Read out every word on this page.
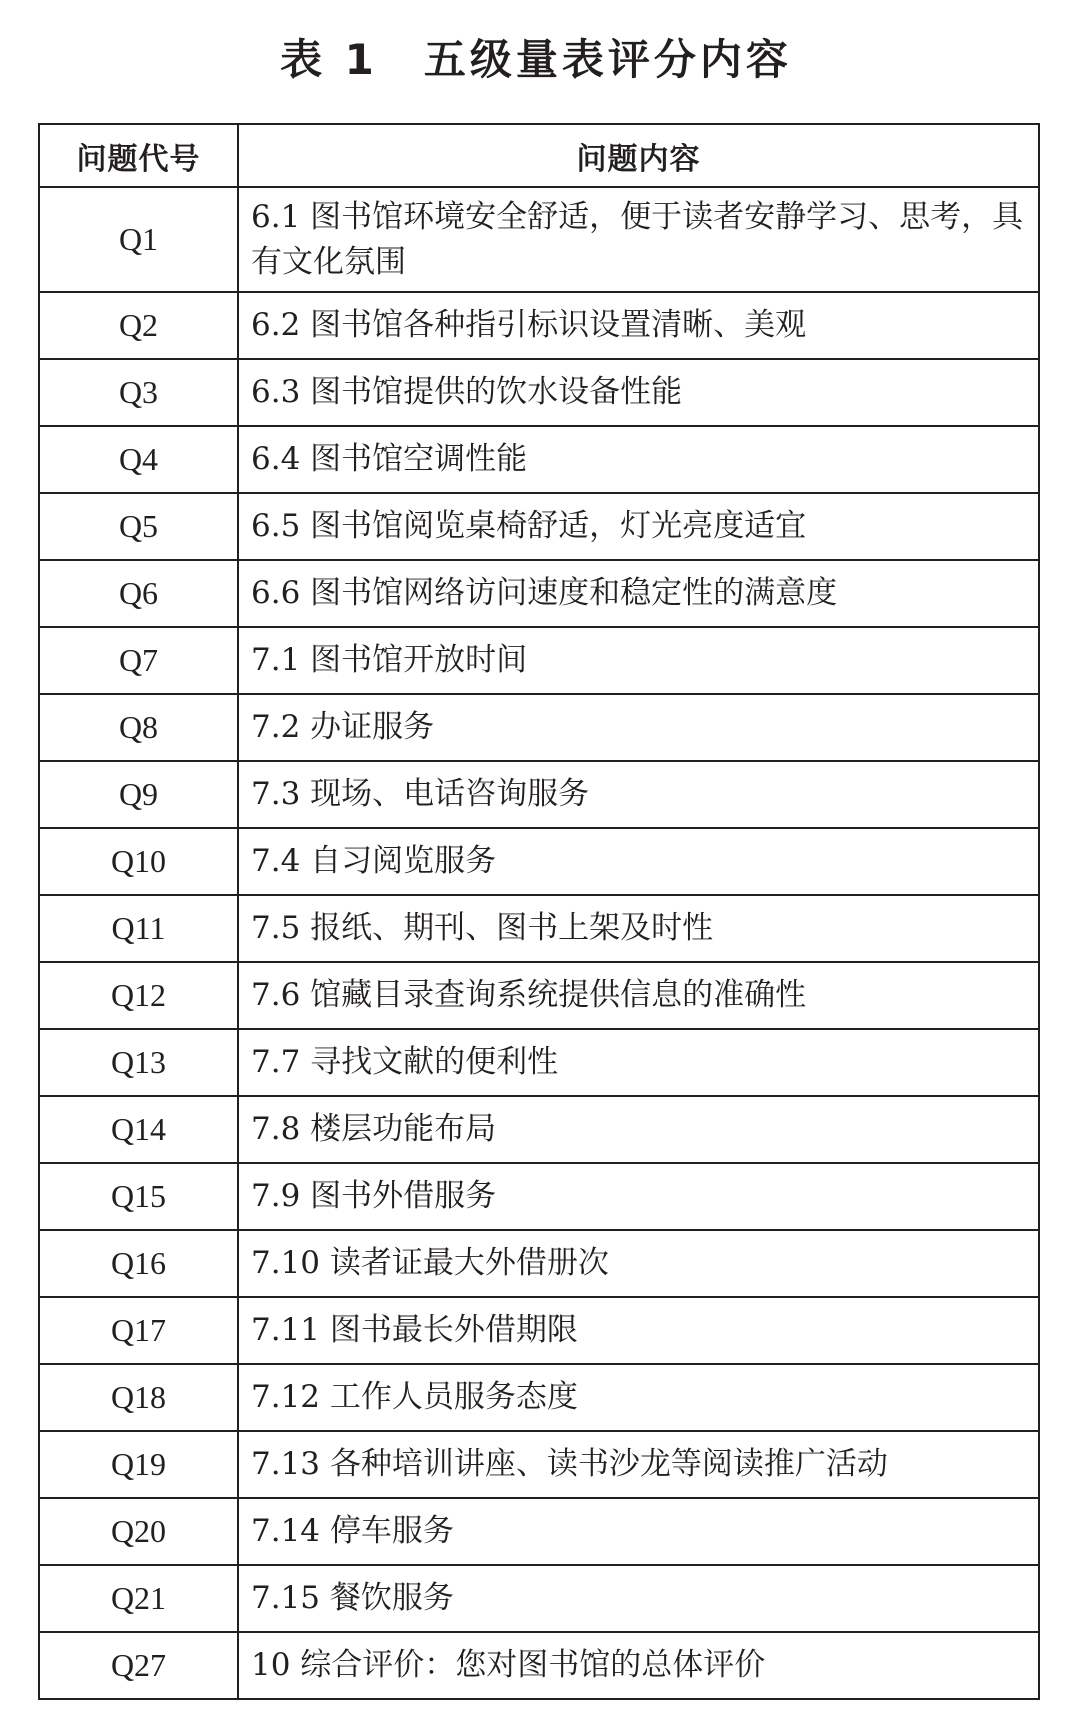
表 1　五级量表评分内容
问题代号	问题内容
Q1	6.1 图书馆环境安全舒适，便于读者安静学习、思考，具有文化氛围
Q2	6.2 图书馆各种指引标识设置清晰、美观
Q3	6.3 图书馆提供的饮水设备性能
Q4	6.4 图书馆空调性能
Q5	6.5 图书馆阅览桌椅舒适，灯光亮度适宜
Q6	6.6 图书馆网络访问速度和稳定性的满意度
Q7	7.1 图书馆开放时间
Q8	7.2 办证服务
Q9	7.3 现场、电话咨询服务
Q10	7.4 自习阅览服务
Q11	7.5 报纸、期刊、图书上架及时性
Q12	7.6 馆藏目录查询系统提供信息的准确性
Q13	7.7 寻找文献的便利性
Q14	7.8 楼层功能布局
Q15	7.9 图书外借服务
Q16	7.10 读者证最大外借册次
Q17	7.11 图书最长外借期限
Q18	7.12 工作人员服务态度
Q19	7.13 各种培训讲座、读书沙龙等阅读推广活动
Q20	7.14 停车服务
Q21	7.15 餐饮服务
Q27	10 综合评价：您对图书馆的总体评价
